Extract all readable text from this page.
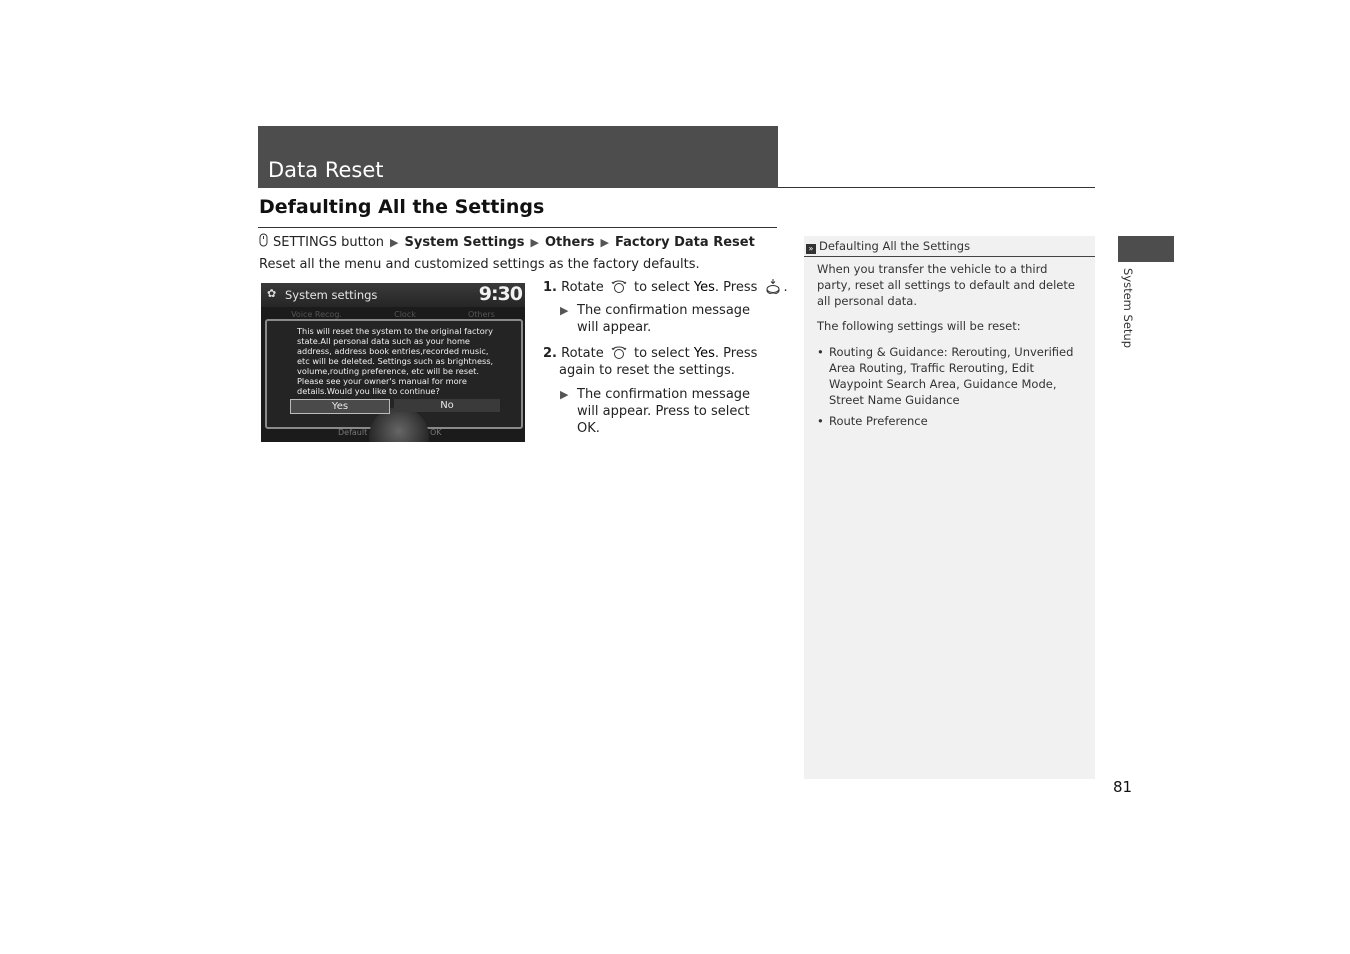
Data Reset
Defaulting All the Settings
SETTINGS button ▶ System Settings ▶ Others ▶ Factory Data Reset
Reset all the menu and customized settings as the factory defaults.
✿ System settings	9:30
Voice Recog.	Clock	Others
This will reset the system to the original factory state.All personal data such as your home address, address book entries,recorded music, etc will be deleted. Settings such as brightness, volume,routing preference, etc will be reset. Please see your owner's manual for more details.Would you like to continue?
Yes	No
Default	OK
1. Rotate to select Yes. Press .
▶ The confirmation message will appear.
2. Rotate to select Yes. Press
again to reset the settings.
▶ The confirmation message will appear. Press to select OK.
» Defaulting All the Settings
When you transfer the vehicle to a third party, reset all settings to default and delete all personal data.
The following settings will be reset:
• Routing & Guidance: Rerouting, Unverified Area Routing, Traffic Rerouting, Edit Waypoint Search Area, Guidance Mode, Street Name Guidance
• Route Preference
System Setup
81
